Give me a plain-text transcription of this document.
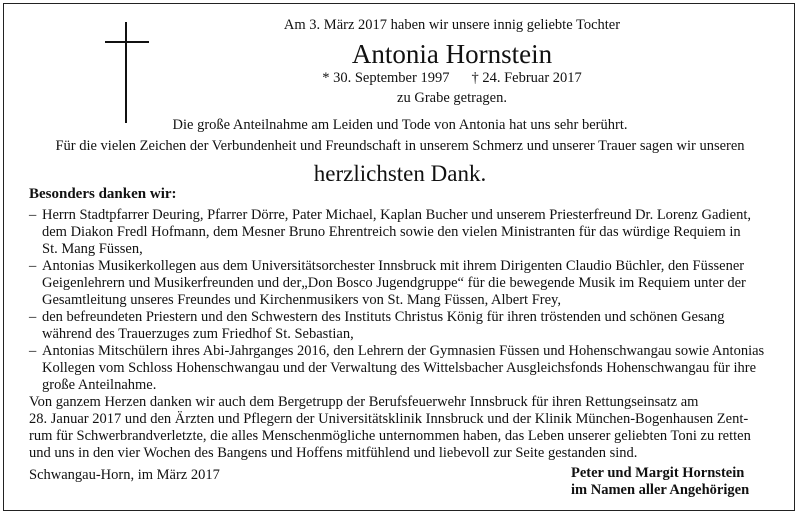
Am 3. März 2017 haben wir unsere innig geliebte Tochter
Antonia Hornstein
* 30. September 1997 † 24. Februar 2017
zu Grabe getragen.
Die große Anteilnahme am Leiden und Tode von Antonia hat uns sehr berührt.
Für die vielen Zeichen der Verbundenheit und Freundschaft in unserem Schmerz und unserer Trauer sagen wir unseren
herzlichsten Dank.
Besonders danken wir:
– Herrn Stadtpfarrer Deuring, Pfarrer Dörre, Pater Michael, Kaplan Bucher und unserem Priesterfreund Dr. Lorenz Gadient,
dem Diakon Fredl Hofmann, dem Mesner Bruno Ehrentreich sowie den vielen Ministranten für das würdige Requiem in
St. Mang Füssen,
– Antonias Musikerkollegen aus dem Universitätsorchester Innsbruck mit ihrem Dirigenten Claudio Büchler, den Füssener
Geigenlehrern und Musikerfreunden und der„Don Bosco Jugendgruppe“ für die bewegende Musik im Requiem unter der
Gesamtleitung unseres Freundes und Kirchenmusikers von St. Mang Füssen, Albert Frey,
– den befreundeten Priestern und den Schwestern des Instituts Christus König für ihren tröstenden und schönen Gesang
während des Trauerzuges zum Friedhof St. Sebastian,
– Antonias Mitschülern ihres Abi-Jahrganges 2016, den Lehrern der Gymnasien Füssen und Hohenschwangau sowie Antonias
Kollegen vom Schloss Hohenschwangau und der Verwaltung des Wittelsbacher Ausgleichsfonds Hohenschwangau für ihre
große Anteilnahme.
Von ganzem Herzen danken wir auch dem Bergetrupp der Berufsfeuerwehr Innsbruck für ihren Rettungseinsatz am
28. Januar 2017 und den Ärzten und Pflegern der Universitätsklinik Innsbruck und der Klinik München-Bogenhausen Zent-
rum für Schwerbrandverletzte, die alles Menschenmögliche unternommen haben, das Leben unserer geliebten Toni zu retten
und uns in den vier Wochen des Bangens und Hoffens mitfühlend und liebevoll zur Seite gestanden sind.
Schwangau-Horn, im März 2017	Peter und Margit Hornstein
im Namen aller Angehörigen
